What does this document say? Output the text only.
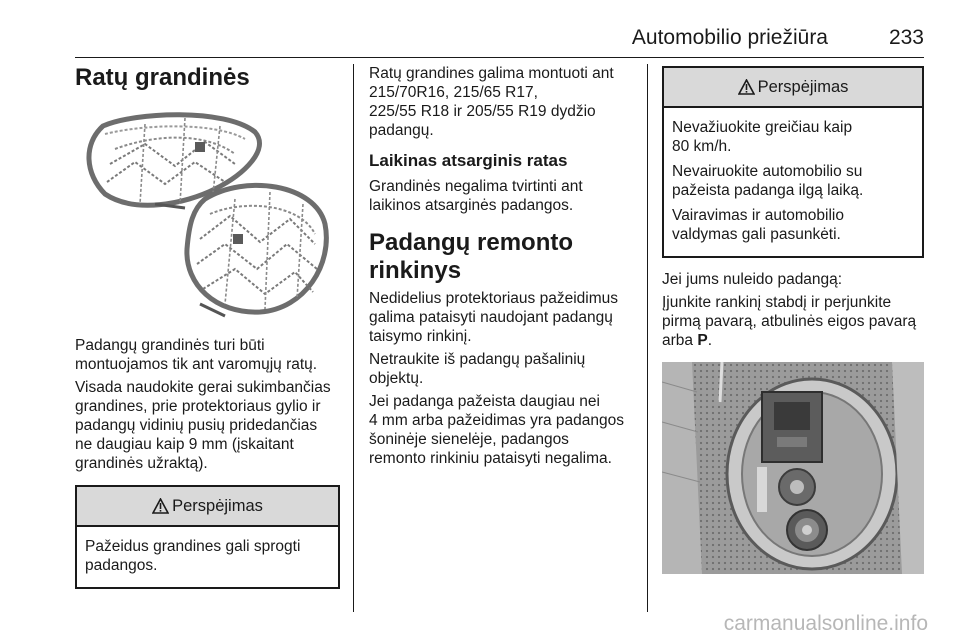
Automobilio priežiūra	233
Ratų grandinės

Padangų grandinės turi būti
montuojamos tik ant varomųjų ratų.

Visada naudokite gerai sukimbančias
grandines, prie protektoriaus gylio ir
padangų vidinių pusių pridedančias
ne daugiau kaip 9 mm (įskaitant
grandinės užraktą).

Perspėjimas

Pažeidus grandines gali sprogti
padangos.

Ratų grandines galima montuoti ant
215/70R16, 215/65 R17,
225/55 R18 ir 205/55 R19 dydžio
padangų.

Laikinas atsarginis ratas

Grandinės negalima tvirtinti ant
laikinos atsarginės padangos.

Padangų remonto rinkinys

Nedidelius protektoriaus pažeidimus
galima pataisyti naudojant padangų
taisymo rinkinį.

Netraukite iš padangų pašalinių
objektų.

Jei padanga pažeista daugiau nei
4 mm arba pažeidimas yra padangos
šoninėje sienelėje, padangos
remonto rinkiniu pataisyti negalima.

Perspėjimas

Nevažiuokite greičiau kaip
80 km/h.

Nevairuokite automobilio su
pažeista padanga ilgą laiką.

Vairavimas ir automobilio
valdymas gali pasunkėti.

Jei jums nuleido padangą:

Įjunkite rankinį stabdį ir perjunkite
pirmą pavarą, atbulinės eigos pavarą
arba P.

carmanualsonline.info
